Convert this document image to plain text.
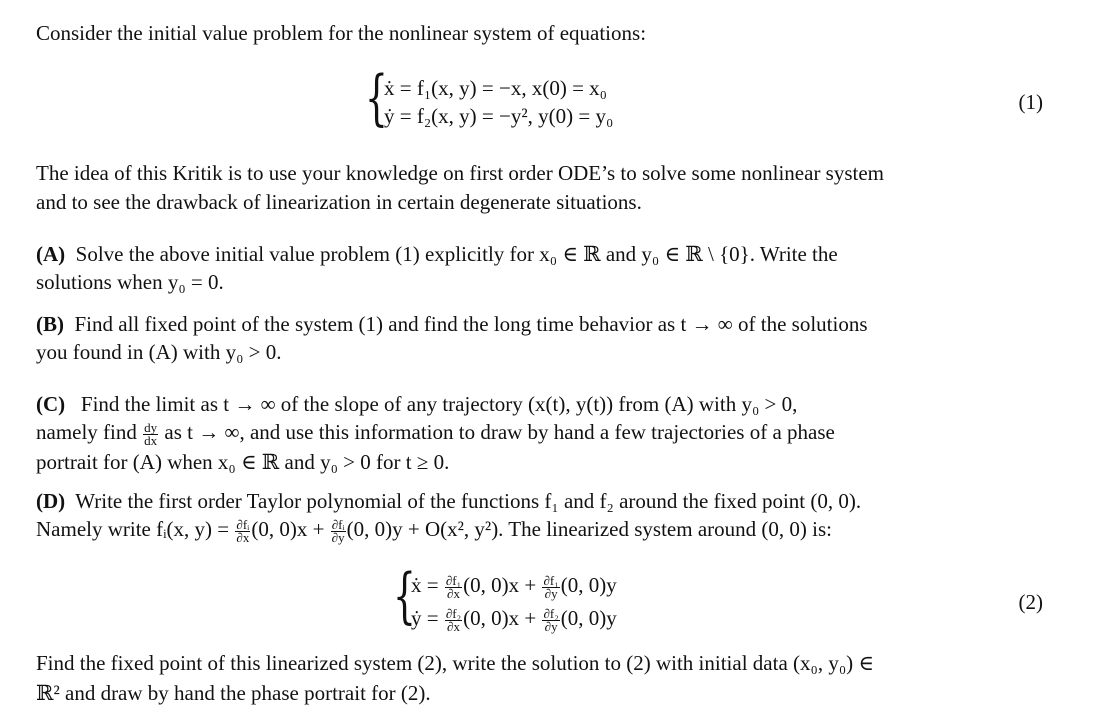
Consider the initial value problem for the nonlinear system of equations:
{
ẋ = f₁(x, y) = −x, x(0) = x₀
ẏ = f₂(x, y) = −y², y(0) = y₀
(1)
The idea of this Kritik is to use your knowledge on first order ODE’s to solve some nonlinear system
and to see the drawback of linearization in certain degenerate situations.
(A) Solve the above initial value problem (1) explicitly for x₀ ∈ ℝ and y₀ ∈ ℝ \ {0}. Write the
solutions when y₀ = 0.
(B) Find all fixed point of the system (1) and find the long time behavior as t → ∞ of the solutions
you found in (A) with y₀ > 0.
(C) Find the limit as t → ∞ of the slope of any trajectory (x(t), y(t)) from (A) with y₀ > 0,
namely find $\frac{dy}{dx}$ as t → ∞, and use this information to draw by hand a few trajectories of a phase
portrait for (A) when x₀ ∈ ℝ and y₀ > 0 for t ≥ 0.
(D) Write the first order Taylor polynomial of the functions f₁ and f₂ around the fixed point (0, 0).
Namely write fᵢ(x, $y) = \frac{\text{∂fᵢ}}{\partial x} (0$, $0)x + \frac{\text{∂fᵢ}}{\partial y} (0$, 0)y + O(x², y²). The linearized system around (0, 0) is:
{
ẋ = $\frac{\text{∂f₁}}{\partial x} (0$, $0)x + \frac{\text{∂f₁}}{\partial y} (0$, 0)y
ẏ = $\frac{\text{∂f₂}}{\partial x} (0$, $0)x + \frac{\text{∂f₂}}{\partial y} (0$, 0)y
(2)
Find the fixed point of this linearized system (2), write the solution to (2) with initial data (x₀, y₀) ∈
ℝ² and draw by hand the phase portrait for (2).
